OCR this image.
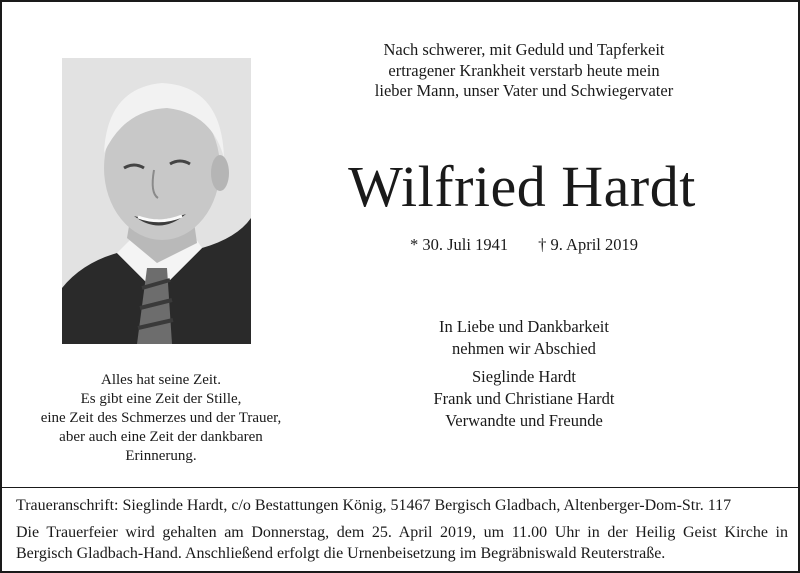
Alles hat seine Zeit.
Es gibt eine Zeit der Stille,
eine Zeit des Schmerzes und der Trauer,
aber auch eine Zeit der dankbaren
Erinnerung.
Nach schwerer, mit Geduld und Tapferkeit
ertragener Krankheit verstarb heute mein
lieber Mann, unser Vater und Schwiegervater
Wilfried Hardt
* 30. Juli 1941 † 9. April 2019
In Liebe und Dankbarkeit
nehmen wir Abschied
Sieglinde Hardt
Frank und Christiane Hardt
Verwandte und Freunde
Traueranschrift: Sieglinde Hardt, c/o Bestattungen König, 51467 Bergisch Gladbach, Altenberger-Dom-Str. 117
Die Trauerfeier wird gehalten am Donnerstag, dem 25. April 2019, um 11.00 Uhr in der Heilig Geist Kirche in
Bergisch Gladbach-Hand. Anschließend erfolgt die Urnenbeisetzung im Begräbniswald Reuterstraße.
